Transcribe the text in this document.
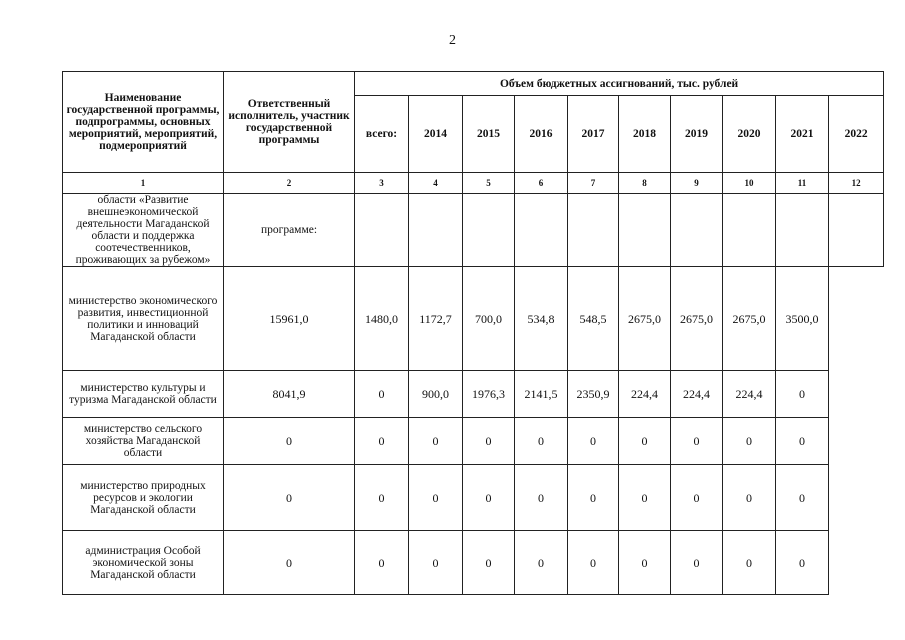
2
Наименование государственной программы, подпрограммы, основных мероприятий, мероприятий, подмероприятий	Ответственный исполнитель, участник государственной программы	Объем бюджетных ассигнований, тыс. рублей									
		всего:	2014	2015	2016	2017	2018	2019	2020	2021	2022
1	2	3	4	5	6	7	8	9	10	11	12
области «Развитие внешнеэкономической деятельности Магаданской области и поддержка соотечественников, проживающих за рубежом»	программе:										
министерство экономического развития, инвестиционной политики и инноваций Магаданской области	15961,0	1480,0	1172,7	700,0	534,8	548,5	2675,0	2675,0	2675,0	3500,0	
министерство культуры и туризма Магаданской области	8041,9	0	900,0	1976,3	2141,5	2350,9	224,4	224,4	224,4	0	
министерство сельского хозяйства Магаданской области	0	0	0	0	0	0	0	0	0	0	
министерство природных ресурсов и экологии Магаданской области	0	0	0	0	0	0	0	0	0	0	
администрация Особой экономической зоны Магаданской области	0	0	0	0	0	0	0	0	0	0	
